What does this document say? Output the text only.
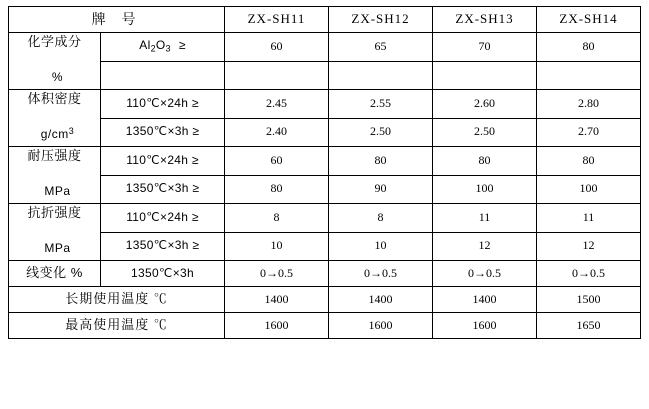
牌 号		ZX-SH11	ZX-SH12	ZX-SH13	ZX-SH14

化学成分
%	$Al_2O_3$ ≥	60	65	70	80

体积密度
$g/cm^3$	110℃×24h ≥	2.45	2.55	2.60	2.80
	1350℃×3h ≥	2.40	2.50	2.50	2.70

耐压强度
MPa	110℃×24h ≥	60	80	80	80
	1350℃×3h ≥	80	90	100	100

抗折强度
MPa	110℃×24h ≥	8	8	11	11
	1350℃×3h ≥	10	10	12	12
线变化 %	1350℃×3h	0→0.5	0→0.5	0→0.5	0→0.5
长期使用温度 ℃		1400	1400	1400	1500
最高使用温度 ℃		1600	1600	1600	1650
